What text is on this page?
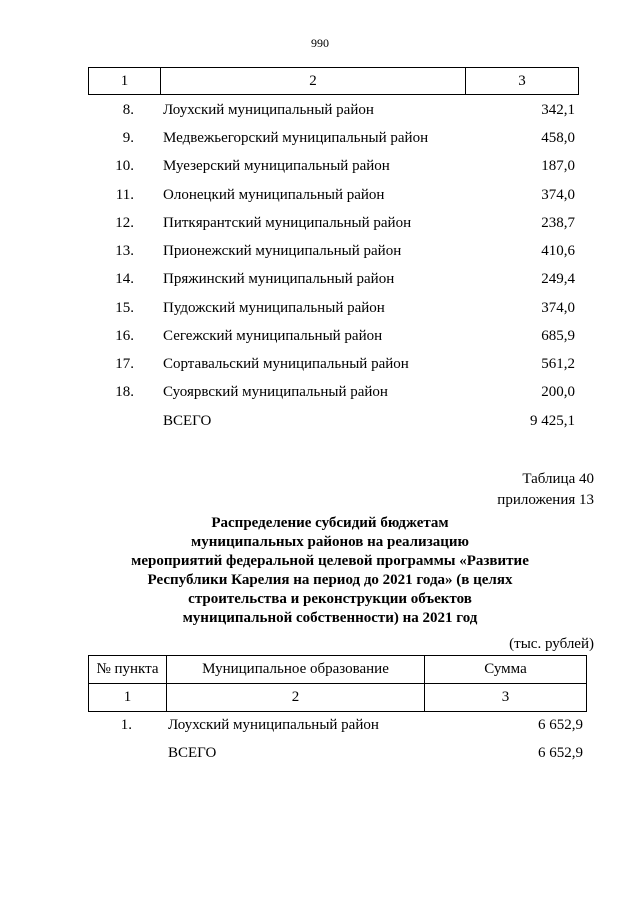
990
1	2	3
8. Лоухский муниципальный район	342,1
9. Медвежьегорский муниципальный район	458,0
10. Муезерский муниципальный район	187,0
11. Олонецкий муниципальный район	374,0
12. Питкярантский муниципальный район	238,7
13. Прионежский муниципальный район	410,6
14. Пряжинский муниципальный район	249,4
15. Пудожский муниципальный район	374,0
16. Сегежский муниципальный район	685,9
17. Сортавальский муниципальный район	561,2
18. Суоярвский муниципальный район	200,0
ВСЕГО	9 425,1
Таблица 40
приложения 13
Распределение субсидий бюджетам
муниципальных районов на реализацию
мероприятий федеральной целевой программы «Развитие
Республики Карелия на период до 2021 года» (в целях
строительства и реконструкции объектов
муниципальной собственности) на 2021 год
(тыс. рублей)
№ пункта	Муниципальное образование	Сумма
1	2	3
1. Лоухский муниципальный район	6 652,9
ВСЕГО	6 652,9
